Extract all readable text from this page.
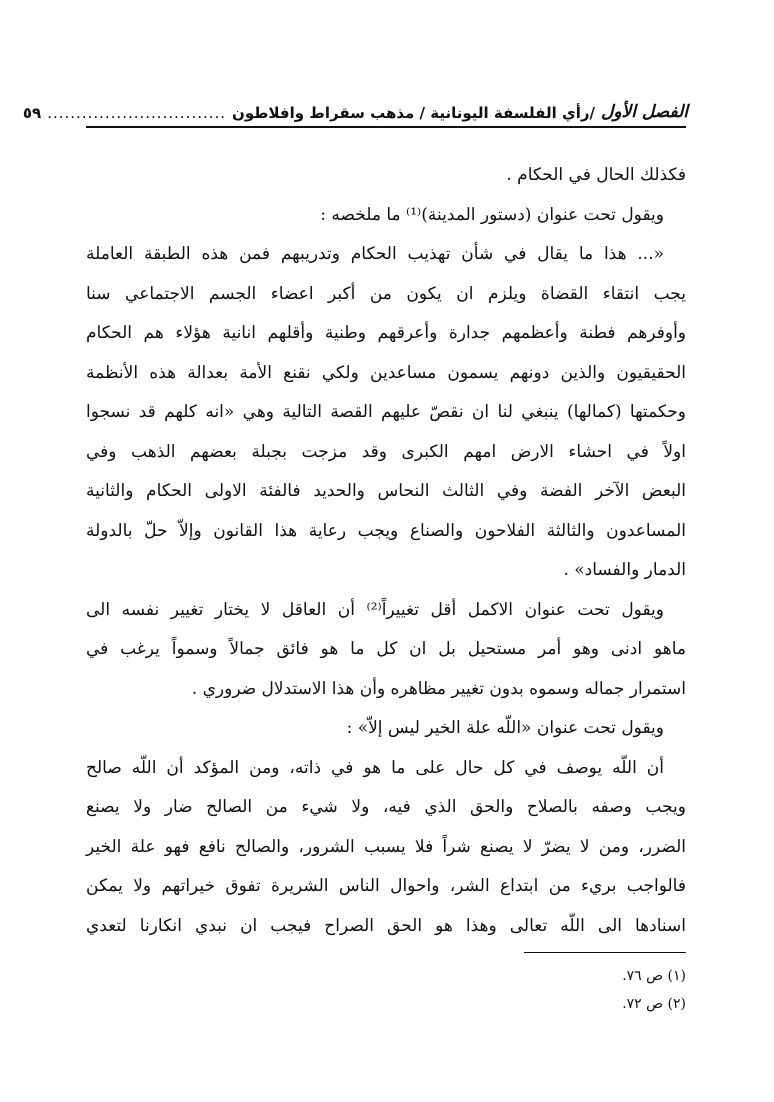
الفصل الأول
/رأي الفلسفة اليونانية / مذهب سقراط وافلاطون
...............................
٥٩
فكذلك الحال في الحكام .
ويقول تحت عنوان (دستور المدينة)⁽¹⁾ ما ملخصه :
«... هذا ما يقال في شأن تهذيب الحكام وتدريبهم فمن هذه الطبقة العاملة
يجب انتقاء القضاة ويلزم ان يكون من أكبر اعضاء الجسم الاجتماعي سنا
وأوفرهم فطنة وأعظمهم جدارة وأعرقهم وطنية وأقلهم انانية هؤلاء هم الحكام
الحقيقيون والذين دونهم يسمون مساعدين ولكي نقنع الأمة بعدالة هذه الأنظمة
وحكمتها (كمالها) ينبغي لنا ان نقصّ عليهم القصة التالية وهي «انه كلهم قد نسجوا
اولاً في احشاء الارض امهم الكبرى وقد مزجت بجبلة بعضهم الذهب وفي
البعض الآخر الفضة وفي الثالث النحاس والحديد فالفئة الاولى الحكام والثانية
المساعدون والثالثة الفلاحون والصناع ويجب رعاية هذا القانون وإلاّ حلّ بالدولة
الدمار والفساد» .
ويقول تحت عنوان الاكمل أقل تغييراً⁽²⁾ أن العاقل لا يختار تغيير نفسه الى
ماهو ادنى وهو أمر مستحيل بل ان كل ما هو فائق جمالاً وسمواً يرغب في
استمرار جماله وسموه بدون تغيير مظاهره وأن هذا الاستدلال ضروري .
ويقول تحت عنوان «اللّه علة الخير ليس إلاّ» :
أن اللّه يوصف في كل حال على ما هو في ذاته، ومن المؤكد أن اللّه صالح
ويجب وصفه بالصلاح والحق الذي فيه، ولا شيء من الصالح ضار ولا يصنع
الضرر، ومن لا يضرّ لا يصنع شراً فلا يسبب الشرور، والصالح نافع فهو علة الخير
فالواجب بريء من ابتداع الشر، واحوال الناس الشريرة تفوق خيراتهم ولا يمكن
اسنادها الى اللّه تعالى وهذا هو الحق الصراح فيجب ان نبدي انكارنا لتعدي
(١) ص ٧٦.
(٢) ص ٧٢.
